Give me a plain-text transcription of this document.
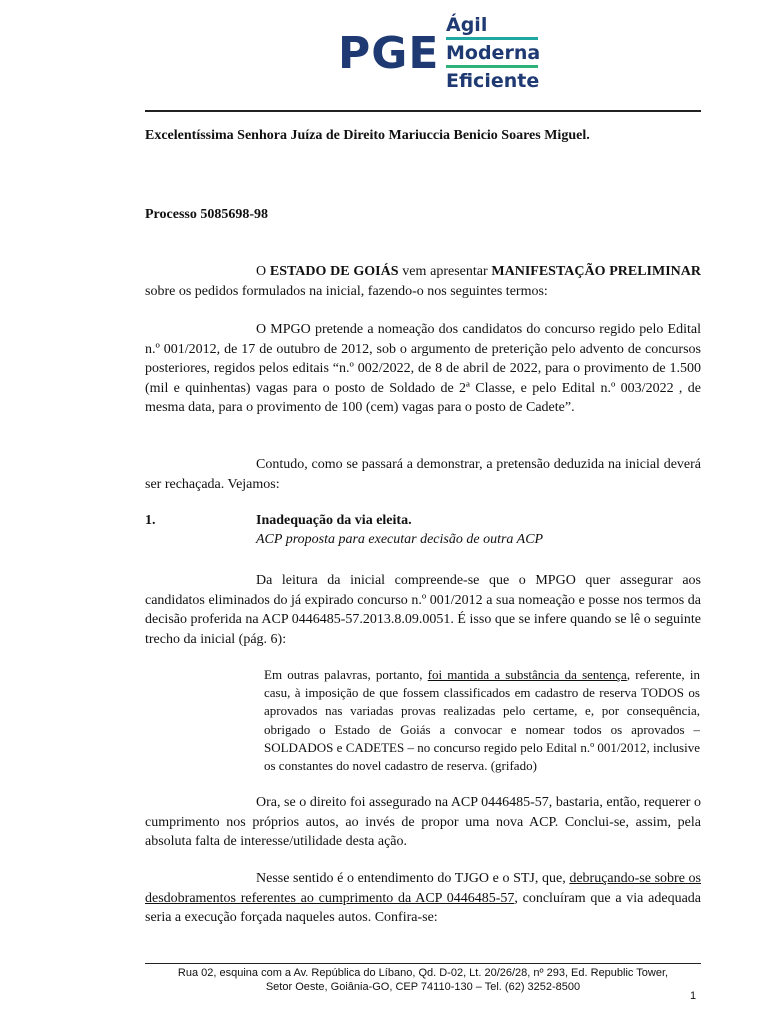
PGE
Ágil
Moderna
Eficiente
Excelentíssima Senhora Juíza de Direito Mariuccia Benicio Soares Miguel.
Processo 5085698-98
O ESTADO DE GOIÁS vem apresentar MANIFESTAÇÃO PRELIMINAR sobre os pedidos formulados na inicial, fazendo-o nos seguintes termos:
O MPGO pretende a nomeação dos candidatos do concurso regido pelo Edital n.º 001/2012, de 17 de outubro de 2012, sob o argumento de preterição pelo advento de concursos posteriores, regidos pelos editais “n.º 002/2022, de 8 de abril de 2022, para o provimento de 1.500 (mil e quinhentas) vagas para o posto de Soldado de 2ª Classe, e pelo Edital n.º 003/2022 , de mesma data, para o provimento de 100 (cem) vagas para o posto de Cadete”.
Contudo, como se passará a demonstrar, a pretensão deduzida na inicial deverá ser rechaçada. Vejamos:
1.	Inadequação da via eleita.
ACP proposta para executar decisão de outra ACP
Da leitura da inicial compreende-se que o MPGO quer assegurar aos candidatos eliminados do já expirado concurso n.º 001/2012 a sua nomeação e posse nos termos da decisão proferida na ACP 0446485-57.2013.8.09.0051. É isso que se infere quando se lê o seguinte trecho da inicial (pág. 6):
Em outras palavras, portanto, foi mantida a substância da sentença, referente, in casu, à imposição de que fossem classificados em cadastro de reserva TODOS os aprovados nas variadas provas realizadas pelo certame, e, por consequência, obrigado o Estado de Goiás a convocar e nomear todos os aprovados – SOLDADOS e CADETES – no concurso regido pelo Edital n.º 001/2012, inclusive os constantes do novel cadastro de reserva. (grifado)
Ora, se o direito foi assegurado na ACP 0446485-57, bastaria, então, requerer o cumprimento nos próprios autos, ao invés de propor uma nova ACP. Conclui-se, assim, pela absoluta falta de interesse/utilidade desta ação.
Nesse sentido é o entendimento do TJGO e o STJ, que, debruçando-se sobre os desdobramentos referentes ao cumprimento da ACP 0446485-57, concluíram que a via adequada seria a execução forçada naqueles autos. Confira-se:
Rua 02, esquina com a Av. República do Líbano, Qd. D-02, Lt. 20/26/28, nº 293, Ed. Republic Tower,
Setor Oeste, Goiânia-GO, CEP 74110-130 – Tel. (62) 3252-8500
1
